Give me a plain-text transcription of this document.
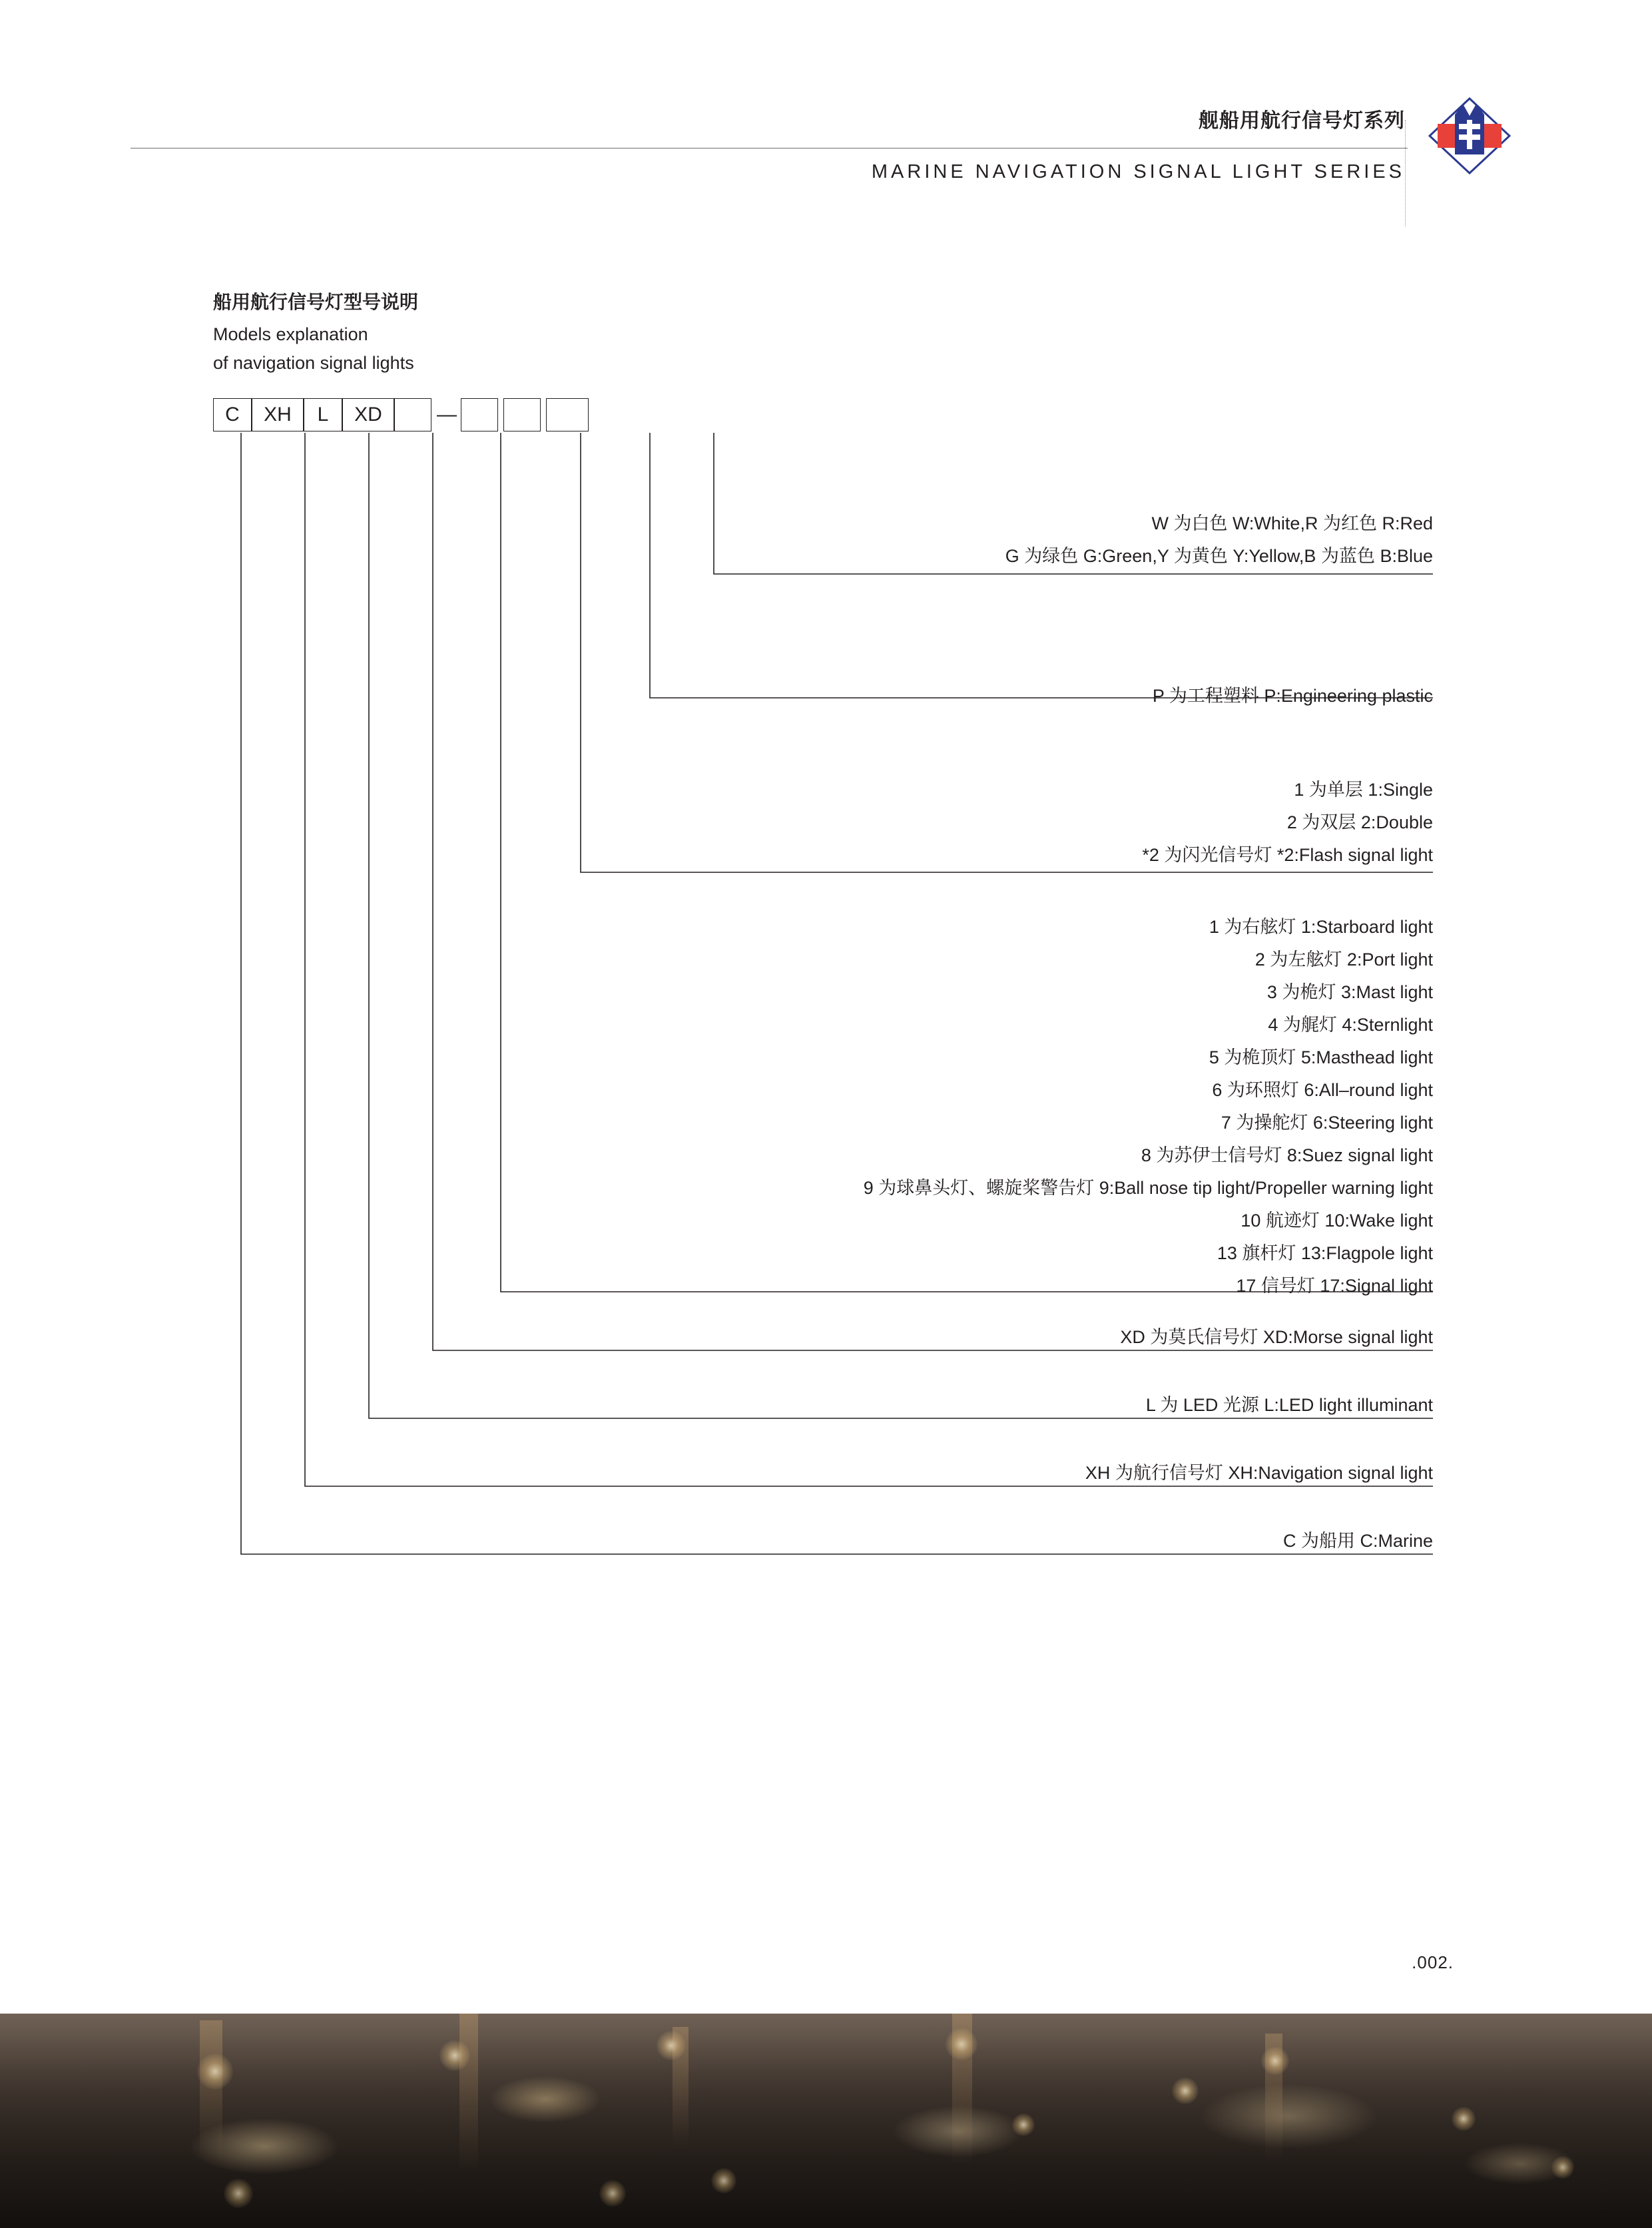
舰船用航行信号灯系列
MARINE NAVIGATION SIGNAL LIGHT SERIES
船用航行信号灯型号说明
Models explanation
of navigation signal lights
C	XH	L	XD	—
W 为白色 W:White,R 为红色 R:Red
G 为绿色 G:Green,Y 为黄色 Y:Yellow,B 为蓝色 B:Blue
P 为工程塑料 P:Engineering plastic
1 为单层 1:Single
2 为双层 2:Double
*2 为闪光信号灯 *2:Flash signal light
1 为右舷灯 1:Starboard light
2 为左舷灯 2:Port light
3 为桅灯 3:Mast light
4 为艉灯 4:Sternlight
5 为桅顶灯 5:Masthead light
6 为环照灯 6:All–round light
7 为操舵灯 6:Steering light
8 为苏伊士信号灯 8:Suez signal light
9 为球鼻头灯、螺旋桨警告灯 9:Ball nose tip light/Propeller warning light
10 航迹灯 10:Wake light
13 旗杆灯 13:Flagpole light
17 信号灯 17:Signal light
XD 为莫氏信号灯 XD:Morse signal light
L 为 LED 光源 L:LED light illuminant
XH 为航行信号灯 XH:Navigation signal light
C 为船用 C:Marine
.002.
